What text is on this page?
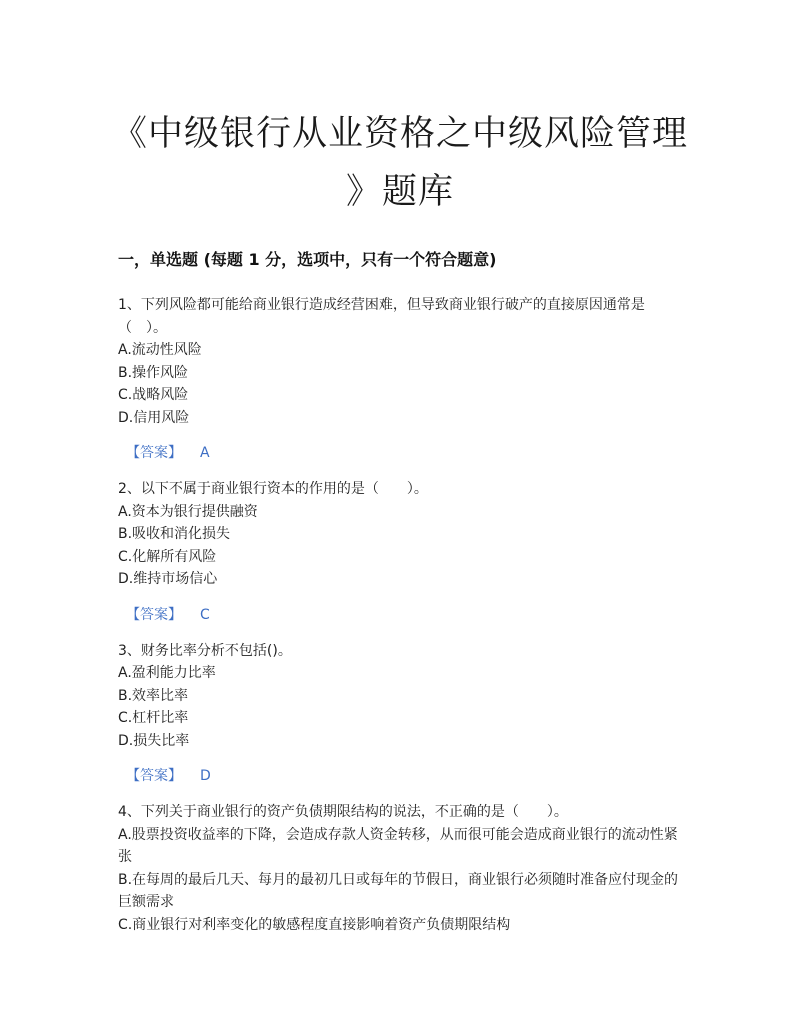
《中级银行从业资格之中级风险管理
》题库
一，单选题 (每题 1 分，选项中，只有一个符合题意)

1、下列风险都可能给商业银行造成经营困难，但导致商业银行破产的直接原因通常是（　）。

A.流动性风险

B.操作风险

C.战略风险

D.信用风险

【答案】 A

2、以下不属于商业银行资本的作用的是（　　）。

A.资本为银行提供融资

B.吸收和消化损失

C.化解所有风险

D.维持市场信心

【答案】 C

3、财务比率分析不包括()。

A.盈利能力比率

B.效率比率

C.杠杆比率

D.损失比率

【答案】 D

4、下列关于商业银行的资产负债期限结构的说法，不正确的是（　　）。

A.股票投资收益率的下降，会造成存款人资金转移，从而很可能会造成商业银行的流动性紧张

B.在每周的最后几天、每月的最初几日或每年的节假日，商业银行必须随时准备应付现金的巨额需求

C.商业银行对利率变化的敏感程度直接影响着资产负债期限结构
